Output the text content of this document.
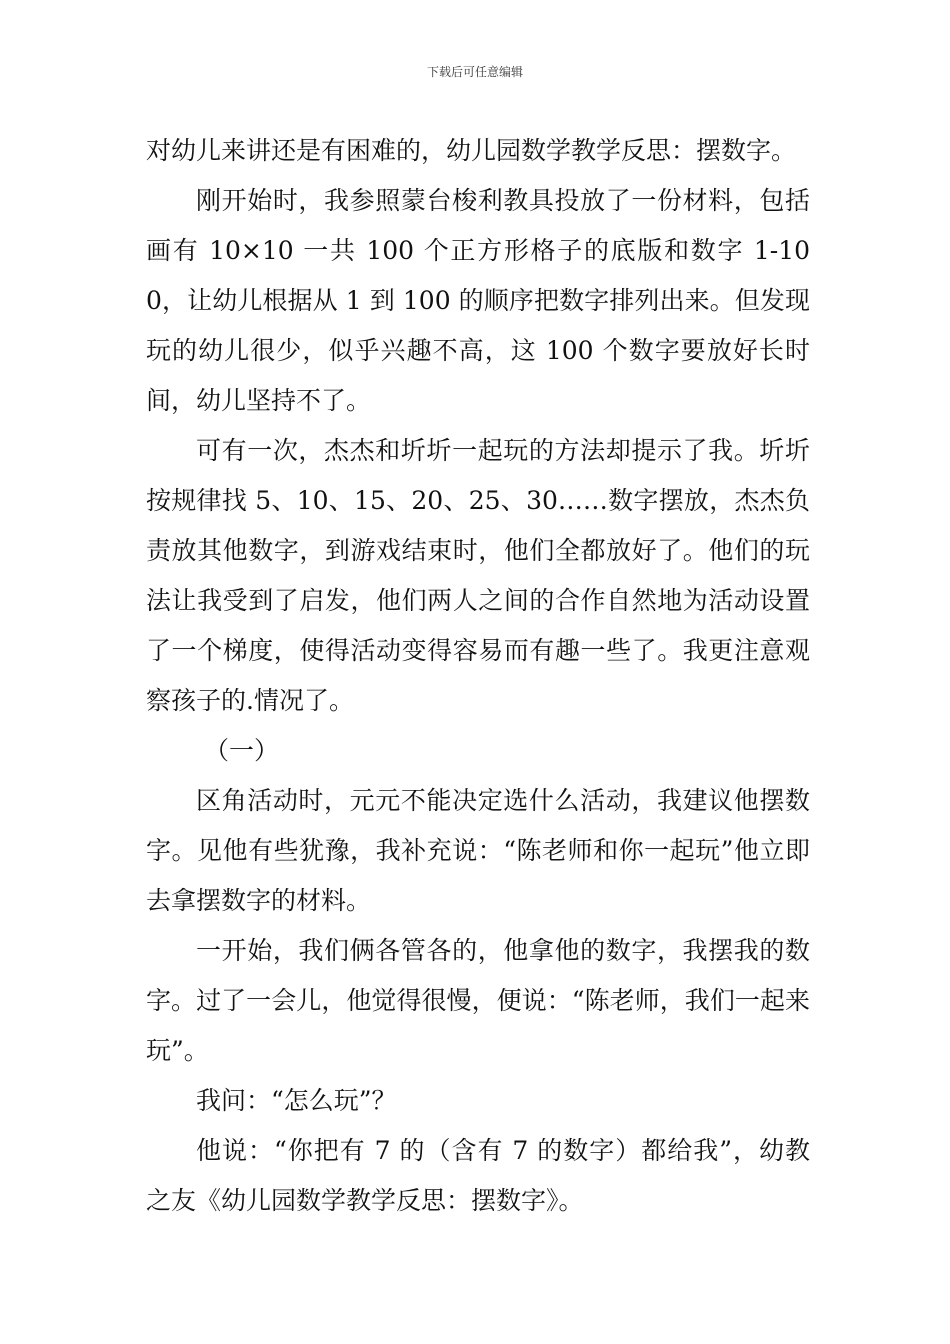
下载后可任意编辑

对幼儿来讲还是有困难的，幼儿园数学教学反思：摆数字。

刚开始时，我参照蒙台梭利教具投放了一份材料，包括画有 10×10 一共 100 个正方形格子的底版和数字 1-100，让幼儿根据从 1 到 100 的顺序把数字排列出来。但发现玩的幼儿很少，似乎兴趣不高，这 100 个数字要放好长时间，幼儿坚持不了。

可有一次，杰杰和圻圻一起玩的方法却提示了我。圻圻按规律找 5、10、15、20、25、30……数字摆放，杰杰负责放其他数字，到游戏结束时，他们全都放好了。他们的玩法让我受到了启发，他们两人之间的合作自然地为活动设置了一个梯度，使得活动变得容易而有趣一些了。我更注意观察孩子的.情况了。

（一）

区角活动时，元元不能决定选什么活动，我建议他摆数字。见他有些犹豫，我补充说：“陈老师和你一起玩”他立即去拿摆数字的材料。

一开始，我们俩各管各的，他拿他的数字，我摆我的数字。过了一会儿，他觉得很慢，便说：“陈老师，我们一起来玩”。

我问：“怎么玩”？

他说：“你把有 7 的（含有 7 的数字）都给我”，幼教之友《幼儿园数学教学反思：摆数字》。
